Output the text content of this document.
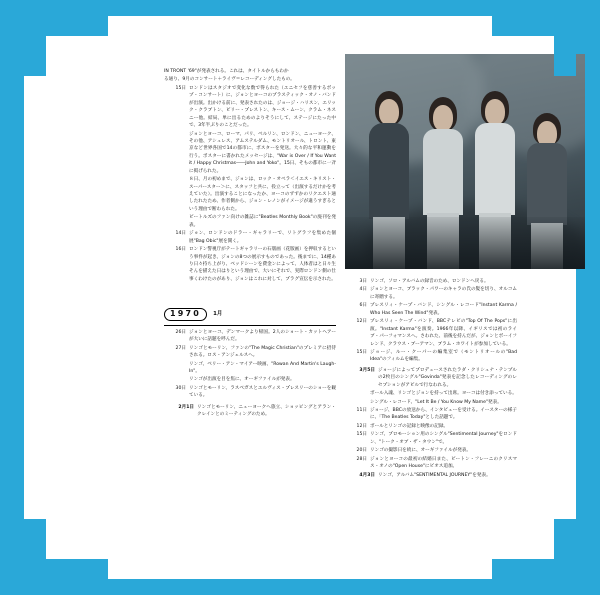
IN TRONT '69"が発表される。これは、タイトルからもわか
る通り、9月のコンサート＋ライヴ＝レコーディングしたもの。
15日 ロンドンはスタジオで変化な数で得られた（ユニセフを慈善するボップ・コンサート）に、ジョンとヨーコのプラスティック・オノ・バンドが出演。出かける前に、発表されたのは、ジョージ・ハリスン、エリック・クラブトン、ビリー・プレストン、キース・ムーン、クラム・ネスニー他。結局、単に出るためのよりそうにして、ステージにたった中で、3年半ぶりのことだった。
ジョンとヨーコ、ローマ、パリ、ベルリン、ロンドン、ニューヨーク、その他、アシュレス、アムステルダム、モントリオール、トロント、東京など世界各国で14の都市に、ポスターを発送。大々的な平和運動を行う。ポスターに書かれたメッセージは、"War is Over / If You Want it / Happy Christmas――John and Yoko"。15日、そもの都市に一斉に掲げられた。
８日、月の初めまで、ジョンは、ロック・オペラ＜イエス・キリスト・スーパースター＞に、スタッフと共に、役立って（出演するだけかを考えていた）。出演することになったか、ヨーコのずずかのリクエスト通したれたため、作者側から、ジョン・レノンがイメージが違うすぎるという理由で断わられた。
ビートルズのファン向けの雑誌に"Beatles Monthly Book"の廃刊を発表。
14日 ジョン、ロンドンのドラー・ギャラリーで、リトグラフを集めた個展"Bag Obic"展を開く。
16日 ロンドン警視庁がテートギャラリーの石版画（花版画）を押収するという事件が起き、ジョンの8つの展示すものであった。後までに、14種あり日々持ち上がり、ベッドシーンを費金ンによって、人体者はと日々生そんを描えた日はりという理由で、大いにそれで、実際ロンドン側の仕事くわけたのがあり、ジョンはこれに対して、プラグ宣伝を示された。
1970	1月
26日 ジョンとヨーコ、デンマークより帰国。2人のショート・カットヘアーが大いに話題を呼んだ。
27日 リンゴとモーリン、ファンの"The Magic Christian"のプレミアに招待される。ロス・アンジェルスへ。
リンゴ、ベリー・アン・マイアー映画、"Rowan And Martin's Laugh-In"。
リンゴが出演を目を焦に、オーギファイルが発表。
30日 リンゴとモーリン、ラスベガスとエルヴィス・プレスリーのショーを観ている。
2月1日 リンゴとモーリン、ニューヨークへ旅立、ショッピングとアラン・クレインとのミーティングのため。
3日 リンゴ、ソロ・アルバムの録音のため、ロンドンへ戻る。
4日 ジョンとヨーコ、ブラック・パワーのキャラの氏の髪を切り、オルコムに寄贈する。
6日 プレスリィ・ケープ・バンド、シングル・レコード"Instant Karma / Who Has Seen The Wind"発表。
12日 プレスリィ・ケープ・バンド、BBCテレビの"Top Of The Pops"に出演。"Instant Karma"を演奏。1966年以降、イギリスでは初のライブ・パーフォマンスへ。さわれた、前後を持んだが、ジョンとボーイフレンド、クラウス・ブーアマン、ブラム・ホワイトが参加している。
15日 ジョージ、ルー・クーパーの編集室で（モントリオールの"Bad Idea"のフィルムを編集。
3月5日 ジョージによってプロデュースされたラダ・クリシュナ・テンプルの2枚目のシングル"Govinda"発表を記念したレコーディングのレセプションがアビルで行なわれる。
ボール入魂、リンゴとジョンを持って出席。ヨーコは付き添っている。
シングル・レコード、"Let It Be / You Know My Name"発表。
11日 ジョージ、BBCの放送から、インタビューを受ける。イースターの様子に、「The Beatles Today"とした話題で。
12日 ボールとリンゴの記録と映像の記録。
15日 リンゴ、プロモーション用のシングル"Sentimental Journey"をロンドン、"トーク・オブ・ザ・タウン"で。
20日 リンゴの撮影日を続に、オーギファイルが発表。
28日 ジョンとヨーコの最初の結婚日また、ビートン・フレーニのクリスマス・オノの"Open House"にビオス追加。
4月3日 リンゴ、アルバム"SENTIMENTAL JOURNEY"を発表。
